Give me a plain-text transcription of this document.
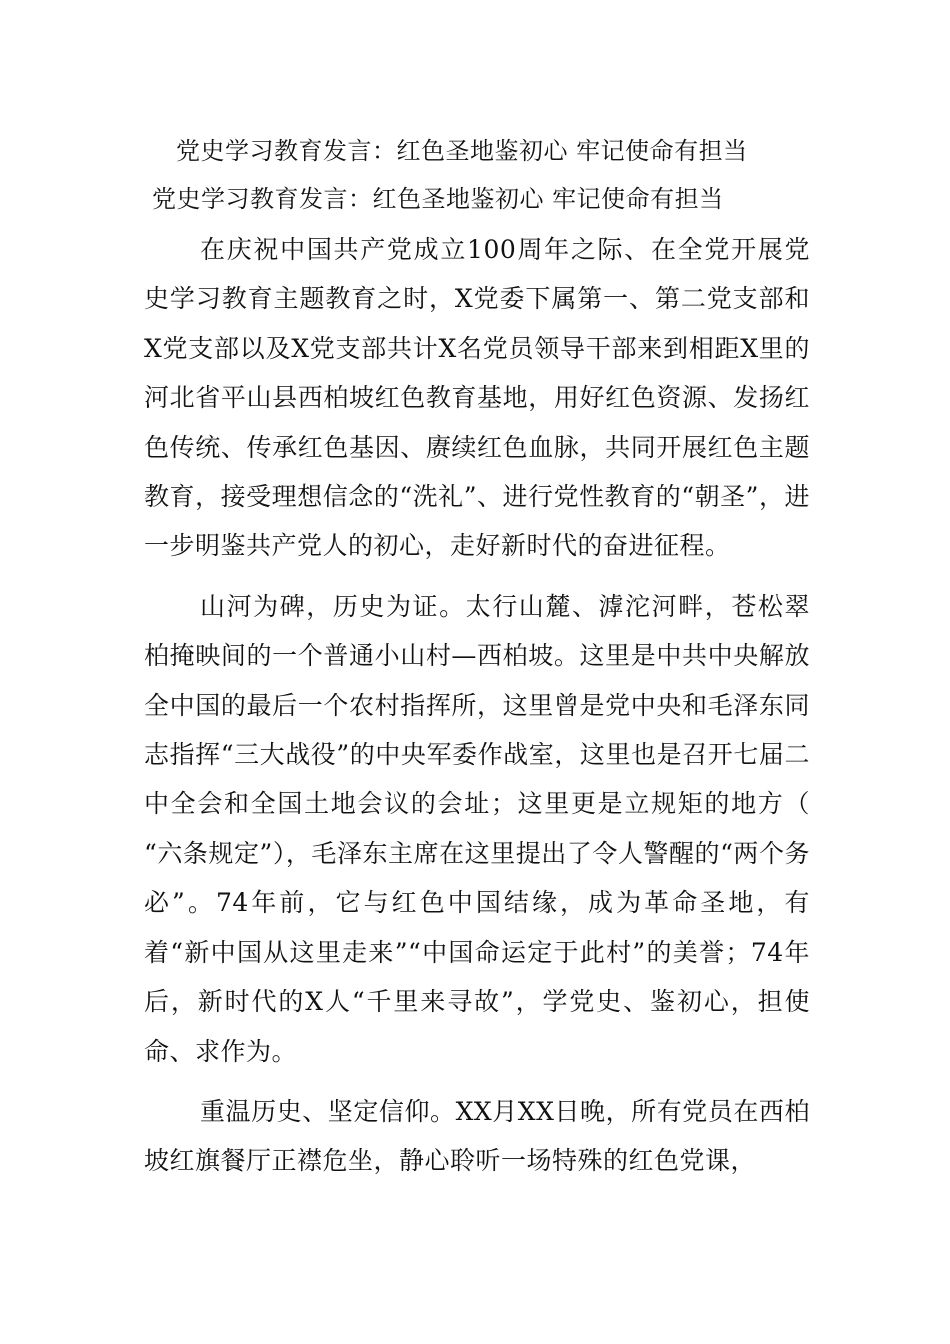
党史学习教育发言：红色圣地鉴初心 牢记使命有担当
党史学习教育发言：红色圣地鉴初心 牢记使命有担当

在庆祝中国共产党成立100周年之际、在全党开展党史学习教育主题教育之时，X党委下属第一、第二党支部和X党支部以及X党支部共计X名党员领导干部来到相距X里的河北省平山县西柏坡红色教育基地，用好红色资源、发扬红色传统、传承红色基因、赓续红色血脉，共同开展红色主题教育，接受理想信念的“洗礼”、进行党性教育的“朝圣”，进一步明鉴共产党人的初心，走好新时代的奋进征程。

山河为碑，历史为证。太行山麓、滹沱河畔，苍松翠柏掩映间的一个普通小山村—西柏坡。这里是中共中央解放全中国的最后一个农村指挥所，这里曾是党中央和毛泽东同志指挥“三大战役”的中央军委作战室，这里也是召开七届二中全会和全国土地会议的会址；这里更是立规矩的地方（ “六条规定”），毛泽东主席在这里提出了令人警醒的“两个务必”。74年前，它与红色中国结缘，成为革命圣地，有着“新中国从这里走来”“中国命运定于此村”的美誉；74年后，新时代的X人“千里来寻故”，学党史、鉴初心，担使命、求作为。

重温历史、坚定信仰。XX月XX日晚，所有党员在西柏坡红旗餐厅正襟危坐，静心聆听一场特殊的红色党课，
